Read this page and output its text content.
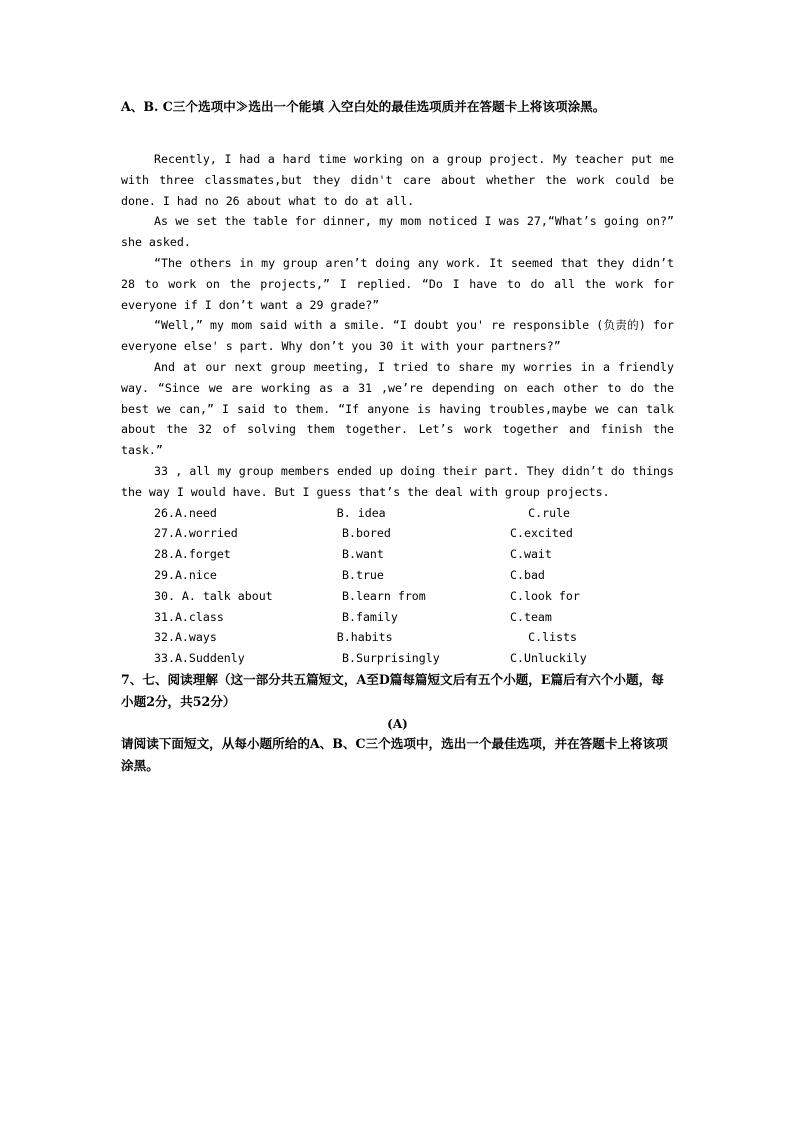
A、B. C三个选项中≫选出一个能填 入空白处的最佳选项质并在答题卡上将该项涂黑。

Recently, I had a hard time working on a group project. My teacher put me with three classmates,but they didn't care about whether the work could be done. I had no 26 about what to do at all.

As we set the table for dinner, my mom noticed I was 27,“What’s going on?” she asked.

“The others in my group aren’t doing any work. It seemed that they didn’t 28 to work on the projects,” I replied. “Do I have to do all the work for everyone if I don’t want a 29 grade?”

“Well,” my mom said with a smile. “I doubt you' re responsible (负责的) for everyone else' s part. Why don’t you 30 it with your partners?”

And at our next group meeting, I tried to share my worries in a friendly way. “Since we are working as a 31 ,we’re depending on each other to do the best we can,” I said to them. “If anyone is having troubles,maybe we can talk about the 32 of solving them together. Let’s work together and finish the task.”

33 , all my group members ended up doing their part. They didn’t do things the way I would have. But I guess that’s the deal with group projects.

26.A.need	B. idea	C.rule
27.A.worried	B.bored	C.excited
28.A.forget	B.want	C.wait
29.A.nice	B.true	C.bad
30. A. talk about	B.learn from	C.look for
31.A.class	B.family	C.team
32.A.ways	B.habits	C.lists
33.A.Suddenly	B.Surprisingly	C.Unluckily

7、七、阅读理解（这一部分共五篇短文，A至D篇每篇短文后有五个小题，E篇后有六个小题，每小题2分，共52分）

(A)

请阅读下面短文，从每小题所给的A、B、C三个选项中，选出一个最佳选项，并在答题卡上将该项涂黑。
